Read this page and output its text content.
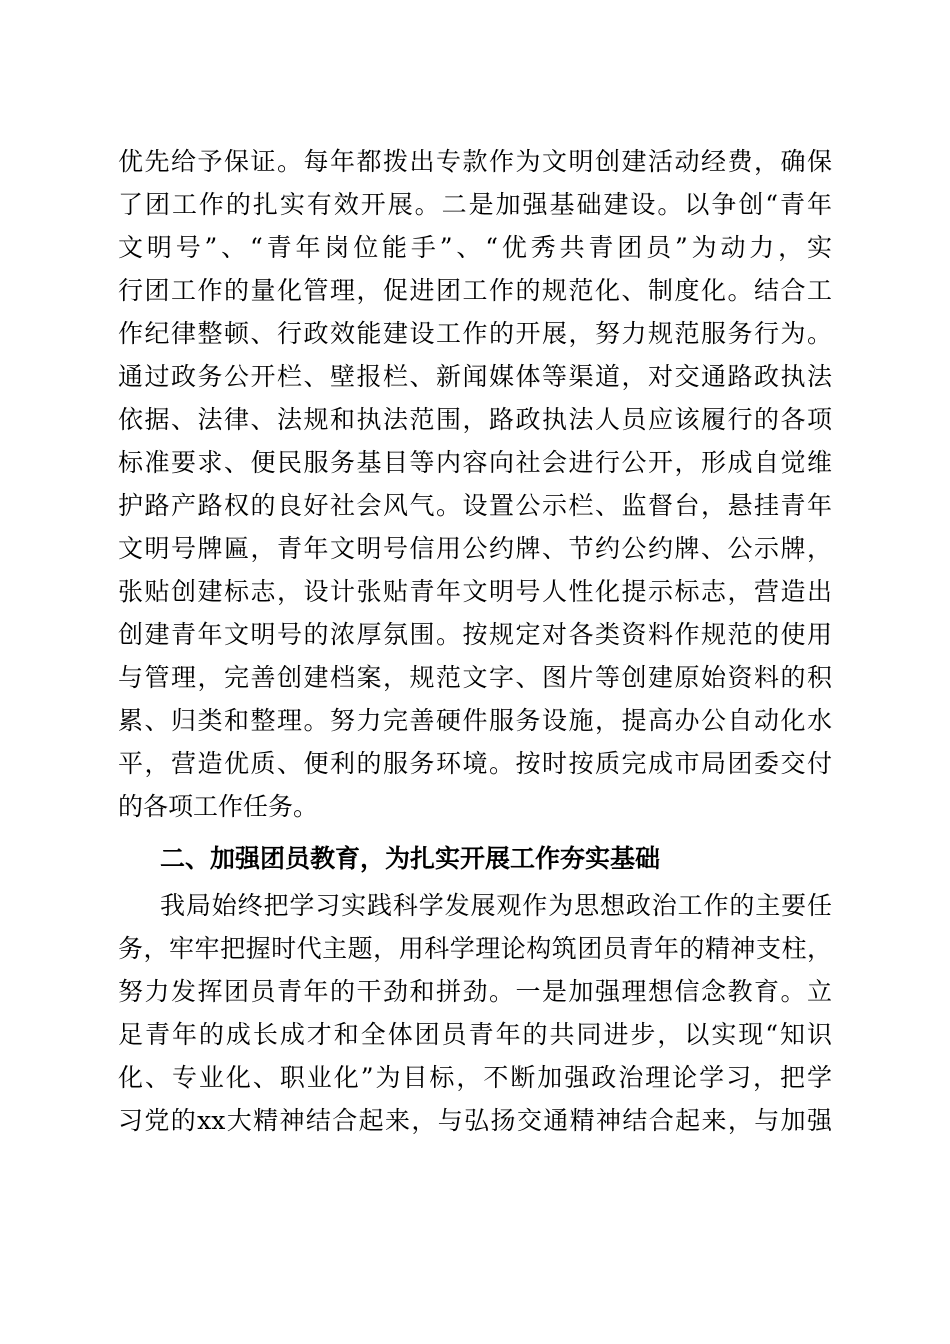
优先给予保证。每年都拨出专款作为文明创建活动经费，确保
了团工作的扎实有效开展。二是加强基础建设。以争创“青年
文明号”、“青年岗位能手”、“优秀共青团员”为动力，实
行团工作的量化管理，促进团工作的规范化、制度化。结合工
作纪律整顿、行政效能建设工作的开展，努力规范服务行为。
通过政务公开栏、壁报栏、新闻媒体等渠道，对交通路政执法
依据、法律、法规和执法范围，路政执法人员应该履行的各项
标准要求、便民服务基目等内容向社会进行公开，形成自觉维
护路产路权的良好社会风气。设置公示栏、监督台，悬挂青年
文明号牌匾，青年文明号信用公约牌、节约公约牌、公示牌，
张贴创建标志，设计张贴青年文明号人性化提示标志，营造出
创建青年文明号的浓厚氛围。按规定对各类资料作规范的使用
与管理，完善创建档案，规范文字、图片等创建原始资料的积
累、归类和整理。努力完善硬件服务设施，提高办公自动化水
平，营造优质、便利的服务环境。按时按质完成市局团委交付
的各项工作任务。
二、加强团员教育，为扎实开展工作夯实基础
我局始终把学习实践科学发展观作为思想政治工作的主要任
务，牢牢把握时代主题，用科学理论构筑团员青年的精神支柱，
努力发挥团员青年的干劲和拼劲。一是加强理想信念教育。立
足青年的成长成才和全体团员青年的共同进步，以实现“知识
化、专业化、职业化”为目标，不断加强政治理论学习，把学
习党的xx大精神结合起来，与弘扬交通精神结合起来，与加强
